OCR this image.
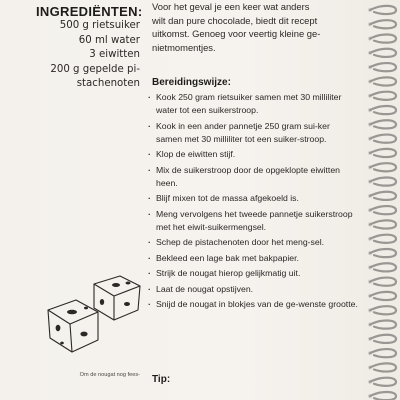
INGREDIËNTEN:
500 g rietsuiker
60 ml water
3 eiwitten
200 g gepelde pi-
stachenoten
Om de nougat nog fees-
Voor het geval je een keer wat anders
wilt dan pure chocolade, biedt dit recept
uitkomst. Genoeg voor veertig kleine ge-
nietmomentjes.
Bereidingswijze:
· Kook 250 gram rietsuiker samen met 30 milliliter water tot een suikerstroop.
· Kook in een ander pannetje 250 gram sui-ker samen met 30 milliliter tot een suiker-stroop.
· Klop de eiwitten stijf.
· Mix de suikerstroop door de opgeklopte eiwitten heen.
· Blijf mixen tot de massa afgekoeld is.
· Meng vervolgens het tweede pannetje suikerstroop met het eiwit-suikermengsel.
· Schep de pistachenoten door het meng-sel.
· Bekleed een lage bak met bakpapier.
· Strijk de nougat hierop gelijkmatig uit.
· Laat de nougat opstijven.
· Snijd de nougat in blokjes van de ge-wenste grootte.
Tip:
